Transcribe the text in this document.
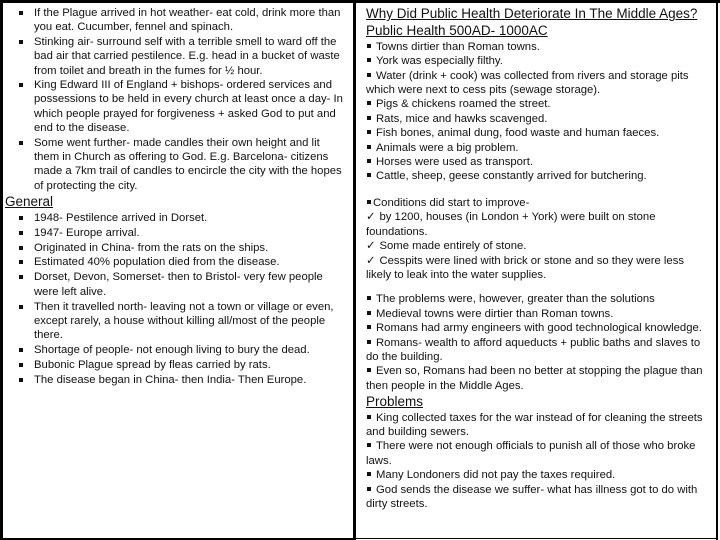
If the Plague arrived in hot weather- eat cold, drink more than you eat. Cucumber, fennel and spinach.
Stinking air- surround self with a terrible smell to ward off the bad air that carried pestilence. E.g. head in a bucket of waste from toilet and breath in the fumes for ½ hour.
King Edward III of England + bishops- ordered services and possessions to be held in every church at least once a day- In which people prayed for forgiveness + asked God to put and end to the disease.
Some went further- made candles their own height and lit them in Church as offering to God. E.g. Barcelona- citizens made a 7km trail of candles to encircle the city with the hopes of protecting the city.
General
1948- Pestilence arrived in Dorset.
1947- Europe arrival.
Originated in China- from the rats on the ships.
Estimated 40% population died from the disease.
Dorset, Devon, Somerset- then to Bristol- very few people were left alive.
Then it travelled north- leaving not a town or village or even, except rarely, a house without killing all/most of the people there.
Shortage of people- not enough living to bury the dead.
Bubonic Plague spread by fleas carried by rats.
The disease began in China- then India- Then Europe.
Why Did Public Health Deteriorate In The Middle Ages?
Public Health 500AD- 1000AC
Towns dirtier than Roman towns.
York was especially filthy.
Water (drink + cook) was collected from rivers and storage pits which were next to cess pits (sewage storage).
Pigs & chickens roamed the street.
Rats, mice and hawks scavenged.
Fish bones, animal dung, food waste and human faeces.
Animals were a big problem.
Horses were used as transport.
Cattle, sheep, geese constantly arrived for butchering.
Conditions did start to improve-
✓ by 1200, houses (in London + York) were built on stone foundations.
✓ Some made entirely of stone.
✓ Cesspits were lined with brick or stone and so they were less likely to leak into the water supplies.
The problems were, however, greater than the solutions
Medieval towns were dirtier than Roman towns.
Romans had army engineers with good technological knowledge.
Romans- wealth to afford aqueducts + public baths and slaves to do the building.
Even so, Romans had been no better at stopping the plague than then people in the Middle Ages.
Problems
King collected taxes for the war instead of for cleaning the streets and building sewers.
There were not enough officials to punish all of those who broke laws.
Many Londoners did not pay the taxes required.
God sends the disease we suffer- what has illness got to do with dirty streets.
